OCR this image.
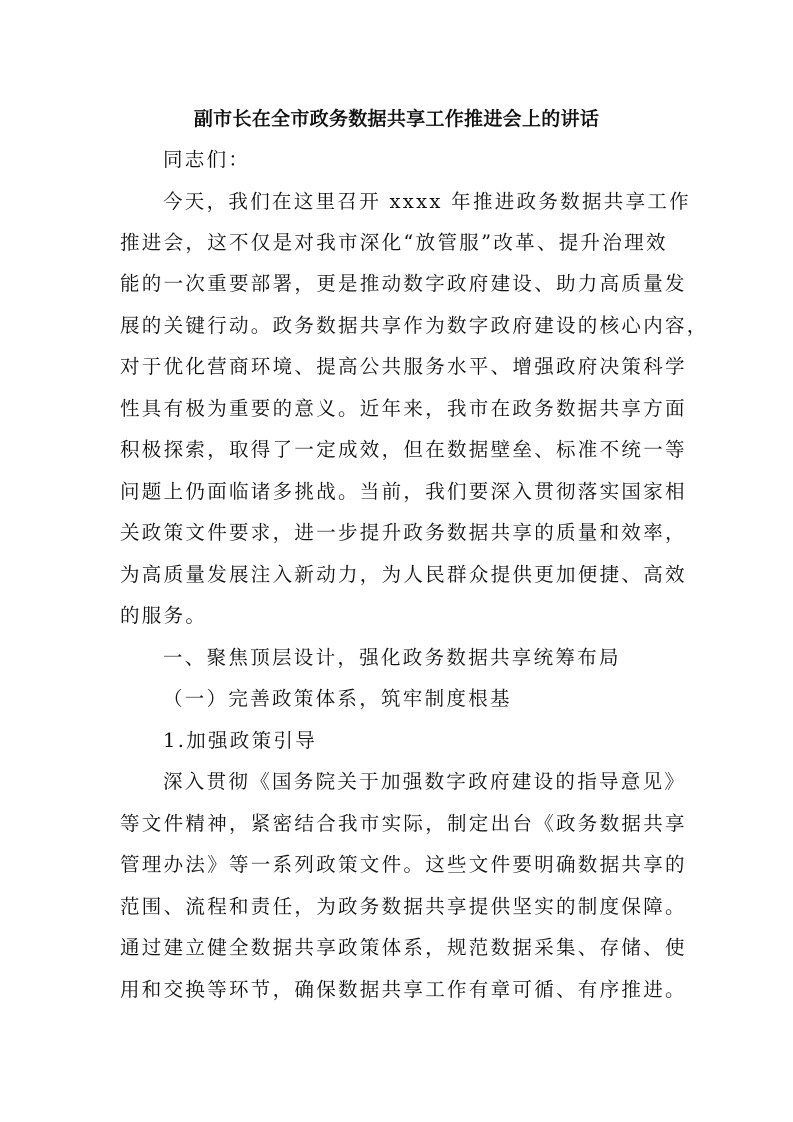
副市长在全市政务数据共享工作推进会上的讲话
同志们：
今天，我们在这里召开 xxxx 年推进政务数据共享工作
推进会，这不仅是对我市深化“放管服”改革、提升治理效
能的一次重要部署，更是推动数字政府建设、助力高质量发
展的关键行动。政务数据共享作为数字政府建设的核心内容，
对于优化营商环境、提高公共服务水平、增强政府决策科学
性具有极为重要的意义。近年来，我市在政务数据共享方面
积极探索，取得了一定成效，但在数据壁垒、标准不统一等
问题上仍面临诸多挑战。当前，我们要深入贯彻落实国家相
关政策文件要求，进一步提升政务数据共享的质量和效率，
为高质量发展注入新动力，为人民群众提供更加便捷、高效
的服务。
一、聚焦顶层设计，强化政务数据共享统筹布局
（一）完善政策体系，筑牢制度根基
1.加强政策引导
深入贯彻《国务院关于加强数字政府建设的指导意见》
等文件精神，紧密结合我市实际，制定出台《政务数据共享
管理办法》等一系列政策文件。这些文件要明确数据共享的
范围、流程和责任，为政务数据共享提供坚实的制度保障。
通过建立健全数据共享政策体系，规范数据采集、存储、使
用和交换等环节，确保数据共享工作有章可循、有序推进。
